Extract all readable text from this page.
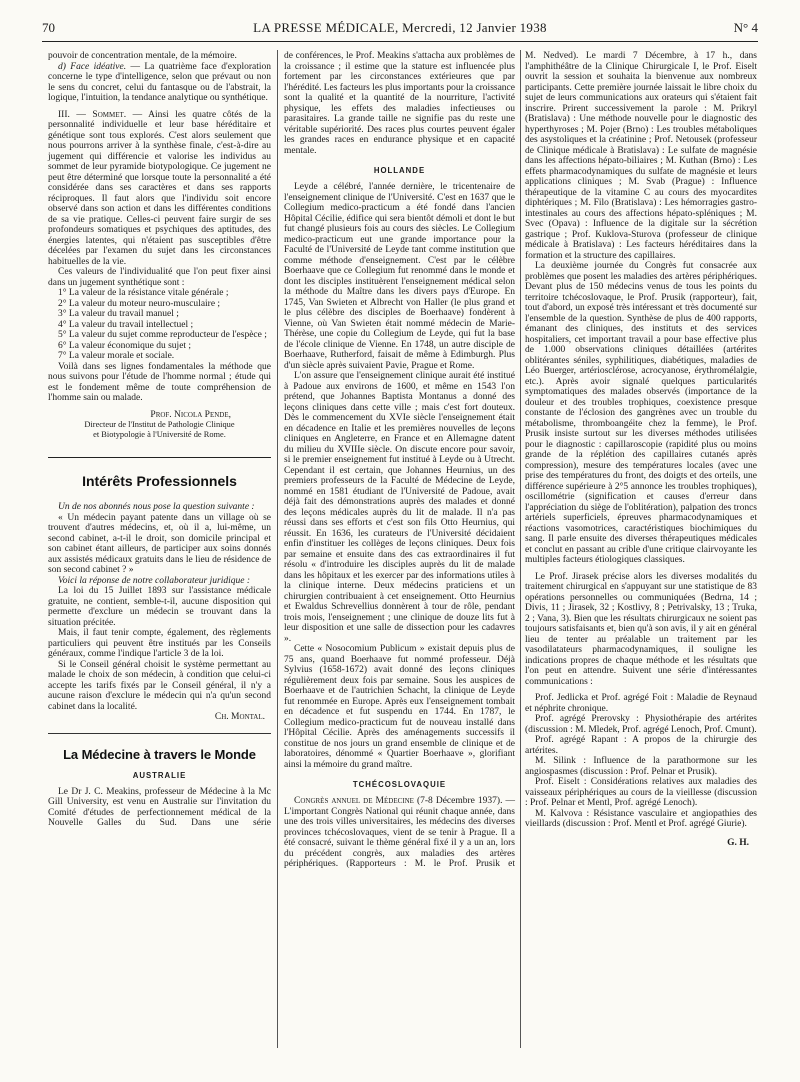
70	LA PRESSE MÉDICALE, Mercredi, 12 Janvier 1938	N° 4

pouvoir de concentration mentale, de la mémoire.

d) Face idéative. — La quatrième face d'exploration concerne le type d'intelligence, selon que prévaut ou non le sens du concret, celui du fantasque ou de l'abstrait, la logique, l'intuition, la tendance analytique ou synthétique.

III. — Sommet. — Ainsi les quatre côtés de la personnalité individuelle et leur base héréditaire et génétique sont tous explorés. C'est alors seulement que nous pourrons arriver à la synthèse finale, c'est-à-dire au jugement qui différencie et valorise les individus au sommet de leur pyramide biotypologique. Ce jugement ne peut être déterminé que lorsque toute la personnalité a été considérée dans ses caractères et dans ses rapports réciproques. Il faut alors que l'individu soit encore observé dans son action et dans les différentes conditions de sa vie pratique. Celles-ci peuvent faire surgir de ses profondeurs somatiques et psychiques des aptitudes, des énergies latentes, qui n'étaient pas susceptibles d'être décelées par l'examen du sujet dans les circonstances habituelles de la vie.

Ces valeurs de l'individualité que l'on peut fixer ainsi dans un jugement synthétique sont :

1° La valeur de la résistance vitale générale ;

2° La valeur du moteur neuro-musculaire ;

3° La valeur du travail manuel ;

4° La valeur du travail intellectuel ;

5° La valeur du sujet comme reproducteur de l'espèce ;

6° La valeur économique du sujet ;

7° La valeur morale et sociale.

Voilà dans ses lignes fondamentales la méthode que nous suivons pour l'étude de l'homme normal ; étude qui est le fondement même de toute compréhension de l'homme sain ou malade.

Prof. Nicola Pende,

Directeur de l'Institut de Pathologie Clinique

et Biotypologie à l'Université de Rome.

Intérêts Professionnels

Un de nos abonnés nous pose la question suivante :

« Un médecin payant patente dans un village où se trouvent d'autres médecins, et, où il a, lui-même, un second cabinet, a-t-il le droit, son domicile principal et son cabinet étant ailleurs, de participer aux soins donnés aux assistés médicaux gratuits dans le lieu de résidence de son second cabinet ? »

Voici la réponse de notre collaborateur juridique :

La loi du 15 Juillet 1893 sur l'assistance médicale gratuite, ne contient, semble-t-il, aucune disposition qui permette d'exclure un médecin se trouvant dans la situation précitée.

Mais, il faut tenir compte, également, des règlements particuliers qui peuvent être institués par les Conseils généraux, comme l'indique l'article 3 de la loi.

Si le Conseil général choisit le système permettant au malade le choix de son médecin, à condition que celui-ci accepte les tarifs fixés par le Conseil général, il n'y a aucune raison d'exclure le médecin qui n'a qu'un second cabinet dans la localité.

Ch. Montal.

La Médecine à travers le Monde
AUSTRALIE

Le Dr J. C. Meakins, professeur de Médecine à la Mc Gill University, est venu en Australie sur l'invitation du Comité d'études de perfectionnement médical de la Nouvelle Galles du Sud. Dans une série

de conférences, le Prof. Meakins s'attacha aux problèmes de la croissance ; il estime que la stature est influencée plus fortement par les circonstances extérieures que par l'hérédité. Les facteurs les plus importants pour la croissance sont la qualité et la quantité de la nourriture, l'activité physique, les effets des maladies infectieuses ou parasitaires. La grande taille ne signifie pas du reste une véritable supériorité. Des races plus courtes peuvent égaler les grandes races en endurance physique et en capacité mentale.

HOLLANDE

Leyde a célébré, l'année dernière, le tricentenaire de l'enseignement clinique de l'Université. C'est en 1637 que le Collegium medico-practicum a été fondé dans l'ancien Hôpital Cécilie, édifice qui sera bientôt démoli et dont le but fut changé plusieurs fois au cours des siècles. Le Collegium medico-practicum eut une grande importance pour la Faculté de l'Université de Leyde tant comme institution que comme méthode d'enseignement. C'est par le célèbre Boerhaave que ce Collegium fut renommé dans le monde et dont les disciples instituèrent l'enseignement médical selon la méthode du Maître dans les divers pays d'Europe. En 1745, Van Swieten et Albrecht von Haller (le plus grand et le plus célèbre des disciples de Boerhaave) fondèrent à Vienne, où Van Swieten était nommé médecin de Marie-Thérèse, une copie du Collegium de Leyde, qui fut la base de l'école clinique de Vienne. En 1748, un autre disciple de Boerhaave, Rutherford, faisait de même à Edimburgh. Plus d'un siècle après suivaient Pavie, Prague et Rome.

L'on assure que l'enseignement clinique aurait été institué à Padoue aux environs de 1600, et même en 1543 l'on prétend, que Johannes Baptista Montanus a donné des leçons cliniques dans cette ville ; mais c'est fort douteux. Dès le commencement du XVIe siècle l'enseignement était en décadence en Italie et les premières nouvelles de leçons cliniques en Angleterre, en France et en Allemagne datent du milieu du XVIIIe siècle. On discute encore pour savoir, si le premier enseignement fut institué à Leyde ou à Utrecht. Cependant il est certain, que Johannes Heurnius, un des premiers professeurs de la Faculté de Médecine de Leyde, nommé en 1581 étudiant de l'Université de Padoue, avait déjà fait des démonstrations auprès des malades et donné des leçons médicales auprès du lit de malade. Il n'a pas réussi dans ses efforts et c'est son fils Otto Heurnius, qui réussit. En 1636, les curateurs de l'Université décidaient enfin d'instituer les collèges de leçons cliniques. Deux fois par semaine et ensuite dans des cas extraordinaires il fut résolu « d'introduire les disciples auprès du lit de malade dans les hôpitaux et les exercer par des informations utiles à la clinique interne. Deux médecins praticiens et un chirurgien contribuaient à cet enseignement. Otto Heurnius et Ewaldus Schrevellius donnèrent à tour de rôle, pendant trois mois, l'enseignement ; une clinique de douze lits fut à leur disposition et une salle de dissection pour les cadavres ».

Cette « Nosocomium Publicum » existait depuis plus de 75 ans, quand Boerhaave fut nommé professeur. Déjà Sylvius (1658-1672) avait donné des leçons cliniques régulièrement deux fois par semaine. Sous les auspices de Boerhaave et de l'autrichien Schacht, la clinique de Leyde fut renommée en Europe. Après eux l'enseignement tombait en décadence et fut suspendu en 1744. En 1787, le Collegium medico-practicum fut de nouveau installé dans l'Hôpital Cécilie. Après des aménagements successifs il constitue de nos jours un grand ensemble de clinique et de laboratoires, dénommé « Quartier Boerhaave », glorifiant ainsi la mémoire du grand maître.

TCHÉCOSLOVAQUIE

Congrès annuel de Médecine (7-8 Décembre 1937). — L'important Congrès National qui réunit chaque année, dans une des trois villes universitaires, les médecins des diverses provinces tchécoslovaques, vient de se tenir à Prague. Il a été consacré, suivant le thème général fixé il y a un an, lors du précédent congrès, aux maladies des artères périphériques. (Rapporteurs : M. le Prof. Prusik et

M. Nedved). Le mardi 7 Décembre, à 17 h., dans l'amphithéâtre de la Clinique Chirurgicale I, le Prof. Eiselt ouvrit la session et souhaita la bienvenue aux nombreux participants. Cette première journée laissait le libre choix du sujet de leurs communications aux orateurs qui s'étaient fait inscrire. Prirent successivement la parole : M. Prikryl (Bratislava) : Une méthode nouvelle pour le diagnostic des hyperthyroses ; M. Pojer (Brno) : Les troubles métaboliques des asystoliques et la créatinine ; Prof. Netousek (professeur de Clinique médicale à Bratislava) : Le sulfate de magnésie dans les affections hépato-biliaires ; M. Kuthan (Brno) : Les effets pharmacodynamiques du sulfate de magnésie et leurs applications cliniques ; M. Svab (Prague) : Influence thérapeutique de la vitamine C au cours des myocardites diphtériques ; M. Filo (Bratislava) : Les hémorragies gastro-intestinales au cours des affections hépato-spléniques ; M. Svec (Opava) : Influence de la digitale sur la sécrétion gastrique ; Prof. Kuklova-Sturova (professeur de clinique médicale à Bratislava) : Les facteurs héréditaires dans la formation et la structure des capillaires.

La deuxième journée du Congrès fut consacrée aux problèmes que posent les maladies des artères périphériques. Devant plus de 150 médecins venus de tous les points du territoire tchécoslovaque, le Prof. Prusik (rapporteur), fait, tout d'abord, un exposé très intéressant et très documenté sur l'ensemble de la question. Synthèse de plus de 400 rapports, émanant des cliniques, des instituts et des services hospitaliers, cet important travail a pour base effective plus de 1.000 observations cliniques détaillées (artérites oblitérantes séniles, syphilitiques, diabétiques, maladies de Léo Buerger, artériosclérose, acrocyanose, érythromélalgie, etc.). Après avoir signalé quelques particularités symptomatiques des malades observés (importance de la douleur et des troubles trophiques, coexistence presque constante de l'éclosion des gangrènes avec un trouble du métabolisme, thromboangéite chez la femme), le Prof. Prusik insiste surtout sur les diverses méthodes utilisées pour le diagnostic : capillaroscopie (rapidité plus ou moins grande de la réplétion des capillaires cutanés après compression), mesure des températures locales (avec une prise des températures du front, des doigts et des orteils, une différence supérieure à 2°5 annonce les troubles trophiques), oscillométrie (signification et causes d'erreur dans l'appréciation du siège de l'oblitération), palpation des troncs artériels superficiels, épreuves pharmacodynamiques et réactions vasomotrices, caractéristiques biochimiques du sang. Il parle ensuite des diverses thérapeutiques médicales et conclut en passant au crible d'une critique clairvoyante les multiples facteurs étiologiques classiques.

Le Prof. Jirasek précise alors les diverses modalités du traitement chirurgical en s'appuyant sur une statistique de 83 opérations personnelles ou communiquées (Bedrna, 14 ; Divis, 11 ; Jirasek, 32 ; Kostlivy, 8 ; Petrivalsky, 13 ; Truka, 2 ; Vana, 3). Bien que les résultats chirurgicaux ne soient pas toujours satisfaisants et, bien qu'à son avis, il y ait en général lieu de tenter au préalable un traitement par les vasodilatateurs pharmacodynamiques, il souligne les indications propres de chaque méthode et les résultats que l'on peut en attendre. Suivent une série d'intéressantes communications :

Prof. Jedlicka et Prof. agrégé Foit : Maladie de Reynaud et néphrite chronique.

Prof. agrégé Prerovsky : Physiothérapie des artérites (discussion : M. Mledek, Prof. agrégé Lenoch, Prof. Cmunt).

Prof. agrégé Rapant : A propos de la chirurgie des artérites.

M. Silink : Influence de la parathormone sur les angiospasmes (discussion : Prof. Pelnar et Prusik).

Prof. Eiselt : Considérations relatives aux maladies des vaisseaux périphériques au cours de la vieillesse (discussion : Prof. Pelnar et Mentl, Prof. agrégé Lenoch).

M. Kalvova : Résistance vasculaire et angiopathies des vieillards (discussion : Prof. Mentl et Prof. agrégé Giurie).

G. H.
